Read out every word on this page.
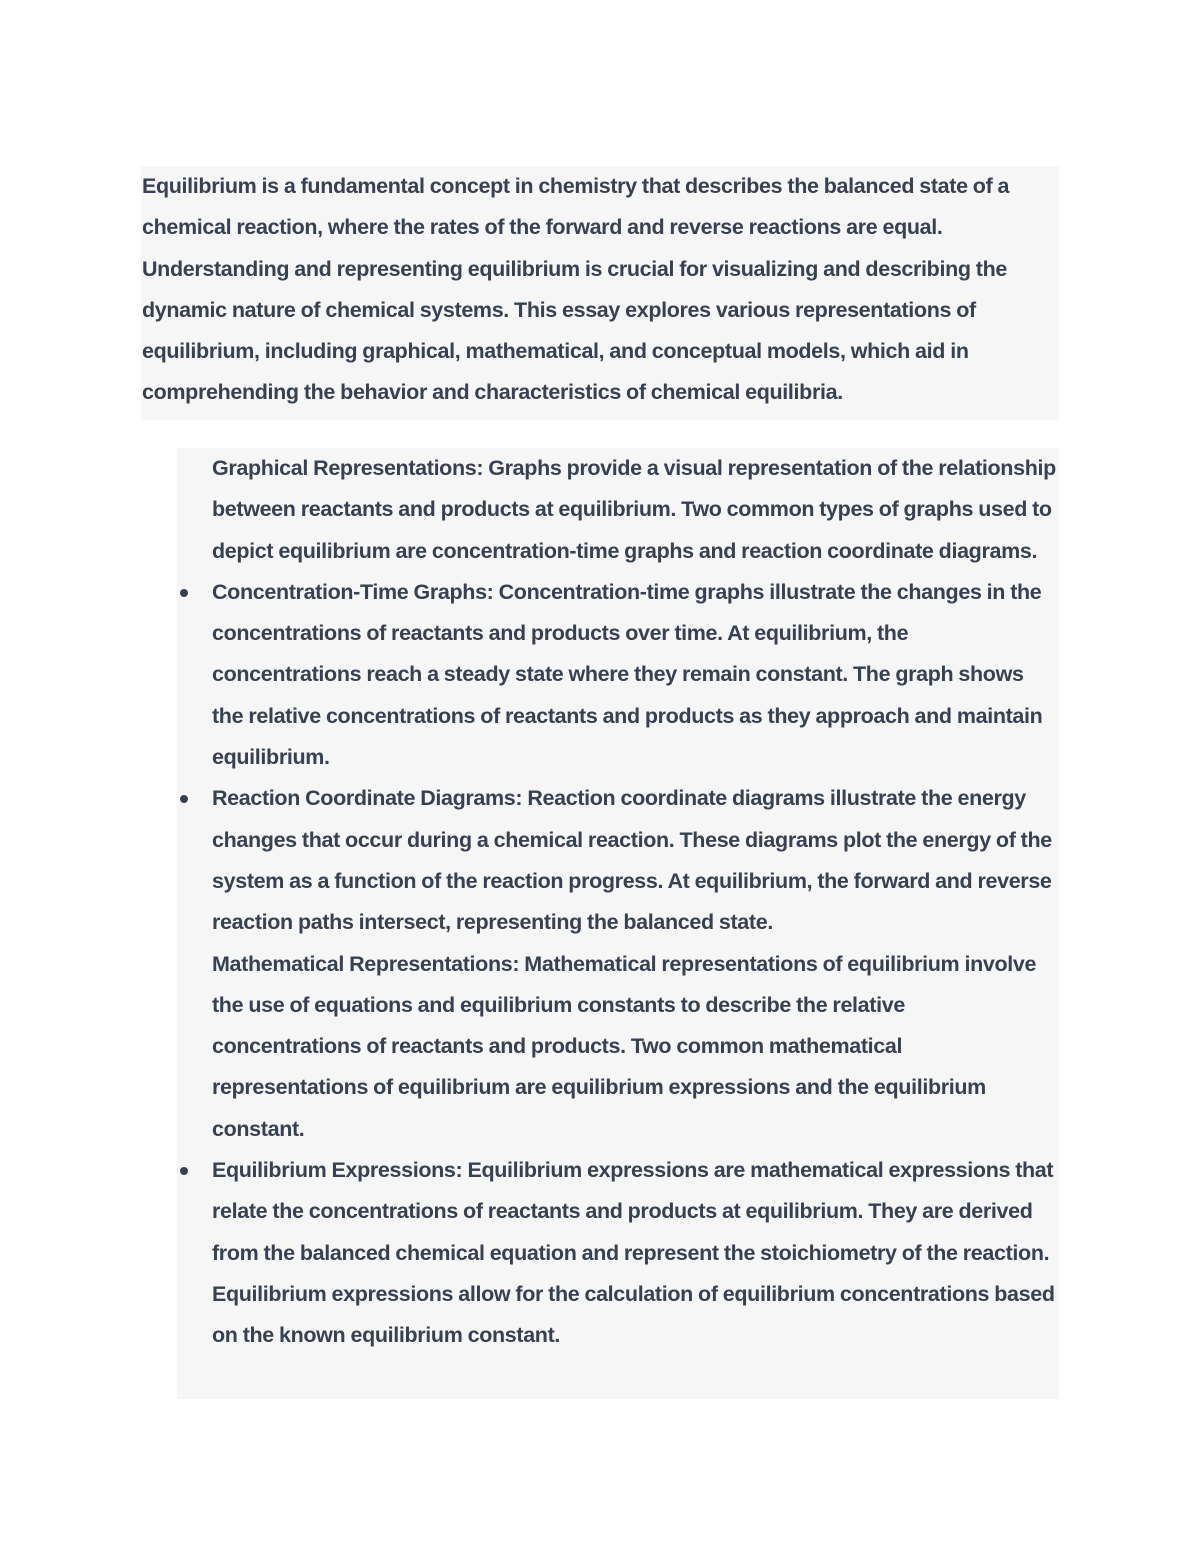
Equilibrium is a fundamental concept in chemistry that describes the balanced state of a chemical reaction, where the rates of the forward and reverse reactions are equal. Understanding and representing equilibrium is crucial for visualizing and describing the dynamic nature of chemical systems. This essay explores various representations of equilibrium, including graphical, mathematical, and conceptual models, which aid in comprehending the behavior and characteristics of chemical equilibria.

Graphical Representations: Graphs provide a visual representation of the relationship between reactants and products at equilibrium. Two common types of graphs used to depict equilibrium are concentration-time graphs and reaction coordinate diagrams.
Concentration-Time Graphs: Concentration-time graphs illustrate the changes in the concentrations of reactants and products over time. At equilibrium, the concentrations reach a steady state where they remain constant. The graph shows the relative concentrations of reactants and products as they approach and maintain equilibrium.
Reaction Coordinate Diagrams: Reaction coordinate diagrams illustrate the energy changes that occur during a chemical reaction. These diagrams plot the energy of the system as a function of the reaction progress. At equilibrium, the forward and reverse reaction paths intersect, representing the balanced state.
Mathematical Representations: Mathematical representations of equilibrium involve the use of equations and equilibrium constants to describe the relative concentrations of reactants and products. Two common mathematical representations of equilibrium are equilibrium expressions and the equilibrium constant.
Equilibrium Expressions: Equilibrium expressions are mathematical expressions that relate the concentrations of reactants and products at equilibrium. They are derived from the balanced chemical equation and represent the stoichiometry of the reaction. Equilibrium expressions allow for the calculation of equilibrium concentrations based on the known equilibrium constant.
